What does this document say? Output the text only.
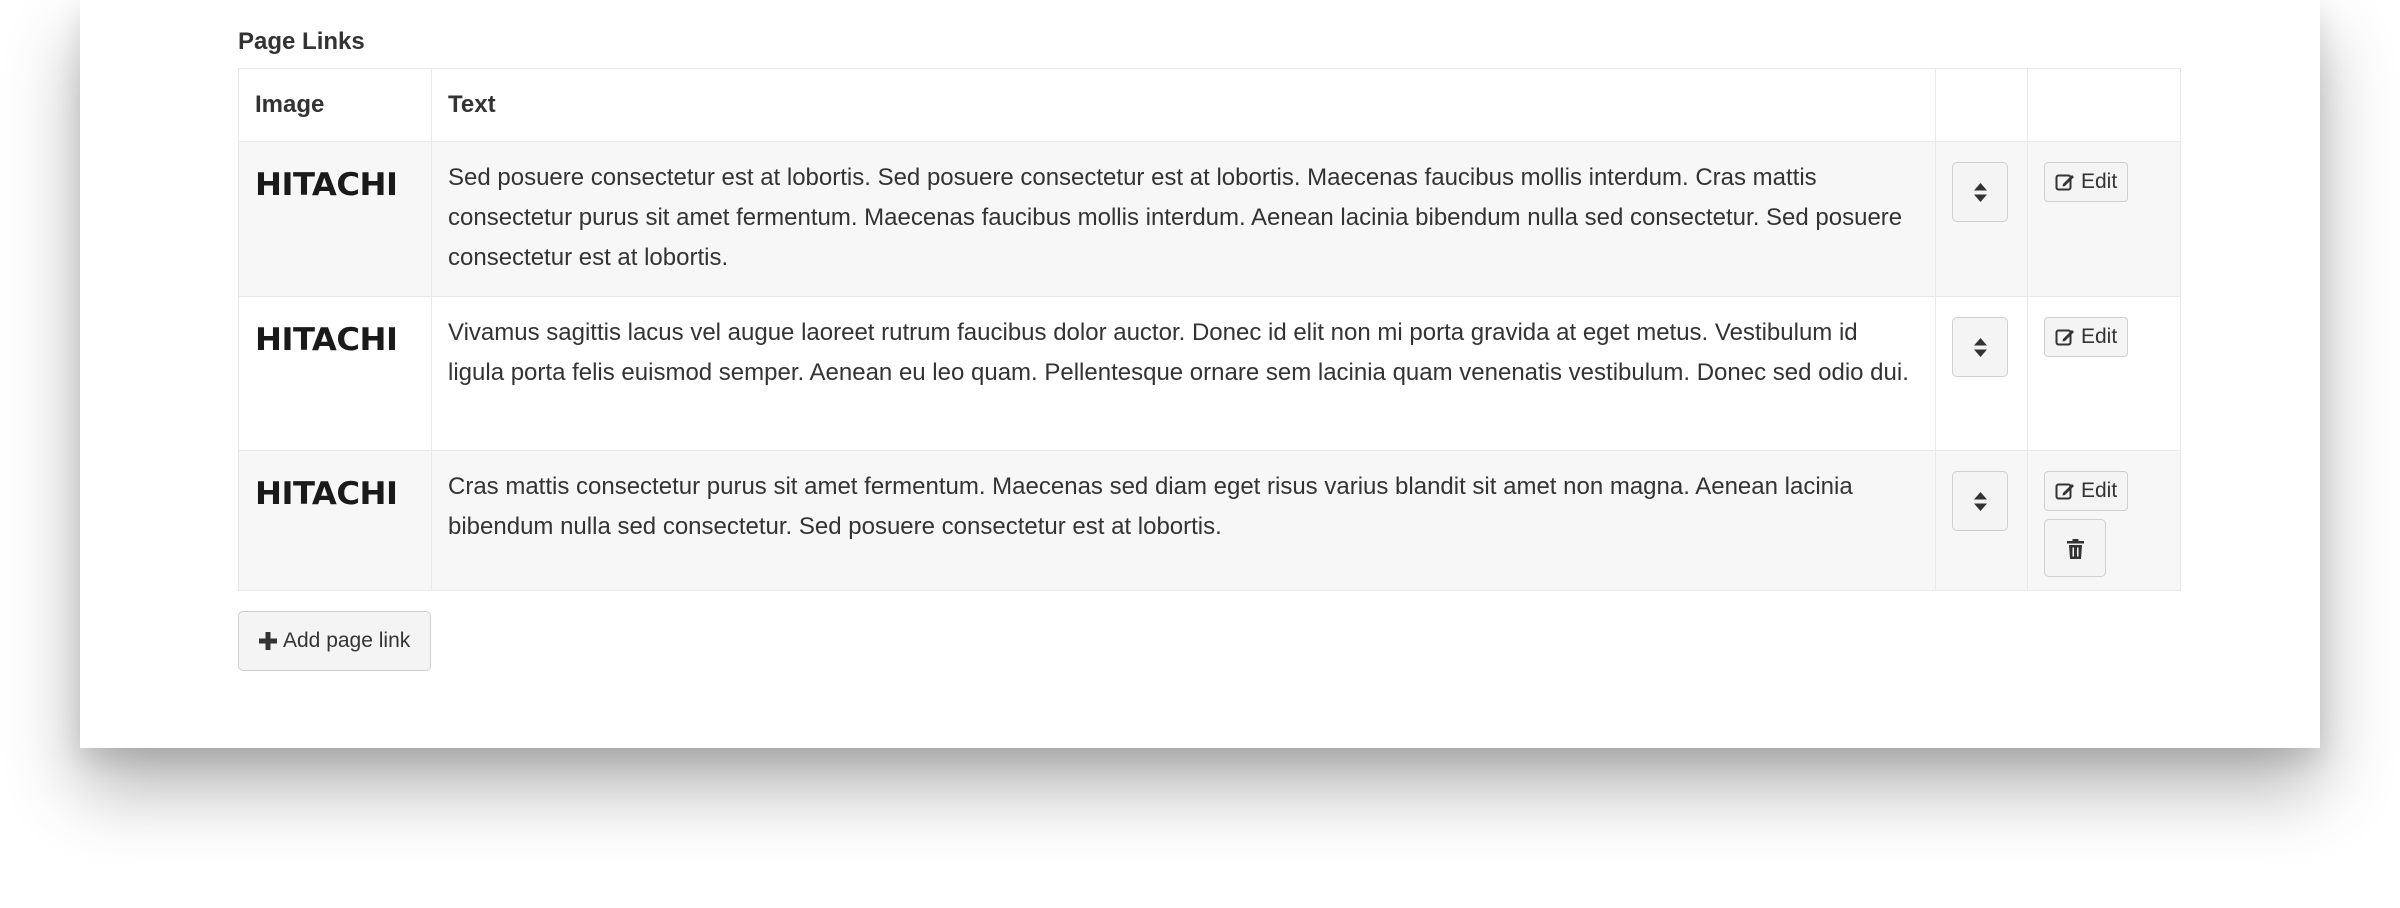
Page Links
Image	Text		
HITACHI	Sed posuere consectetur est at lobortis. Sed posuere consectetur est at lobortis. Maecenas faucibus mollis interdum. Cras mattis consectetur purus sit amet fermentum. Maecenas faucibus mollis interdum. Aenean lacinia bibendum nulla sed consectetur. Sed posuere consectetur est at lobortis.		Edit

HITACHI	Vivamus sagittis lacus vel augue laoreet rutrum faucibus dolor auctor. Donec id elit non mi porta gravida at eget metus. Vestibulum id ligula porta felis euismod semper. Aenean eu leo quam. Pellentesque ornare sem lacinia quam venenatis vestibulum. Donec sed odio dui.		Edit

HITACHI	Cras mattis consectetur purus sit amet fermentum. Maecenas sed diam eget risus varius blandit sit amet non magna. Aenean lacinia bibendum nulla sed consectetur. Sed posuere consectetur est at lobortis.		Edit
Add page link
